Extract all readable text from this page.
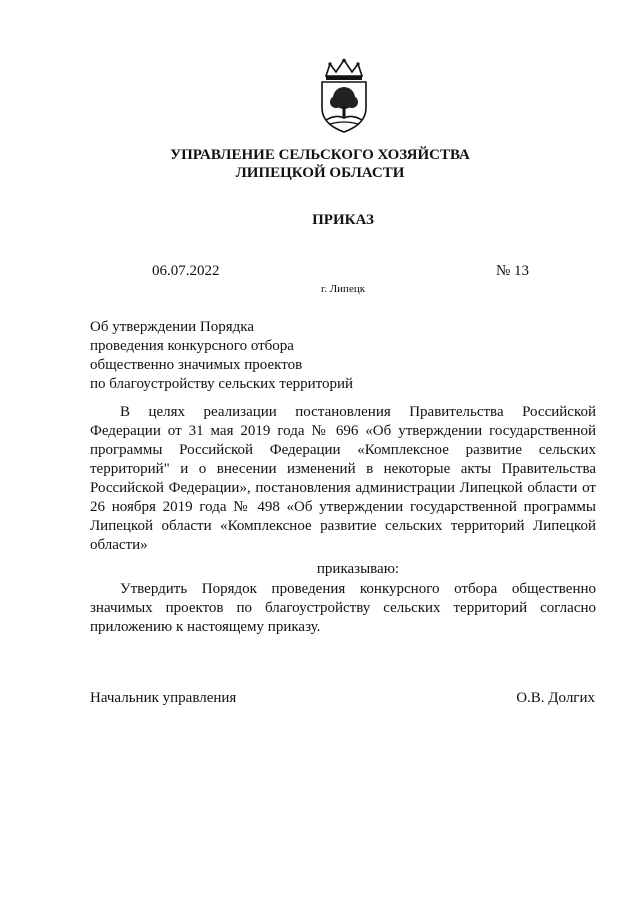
УПРАВЛЕНИЕ СЕЛЬСКОГО ХОЗЯЙСТВА
ЛИПЕЦКОЙ ОБЛАСТИ
ПРИКАЗ
06.07.2022	№ 13
г. Липецк
Об утверждении Порядка
проведения конкурсного отбора
общественно значимых проектов
по благоустройству сельских территорий
В целях реализации постановления Правительства Российской Федерации от 31 мая 2019 года № 696 «Об утверждении государственной программы Российской Федерации «Комплексное развитие сельских территорий" и о внесении изменений в некоторые акты Правительства Российской Федерации», постановления администрации Липецкой области от 26 ноября 2019 года № 498 «Об утверждении государственной программы Липецкой области «Комплексное развитие сельских территорий Липецкой области»
приказываю:
Утвердить Порядок проведения конкурсного отбора общественно значимых проектов по благоустройству сельских территорий согласно приложению к настоящему приказу.
Начальник управления	О.В. Долгих
